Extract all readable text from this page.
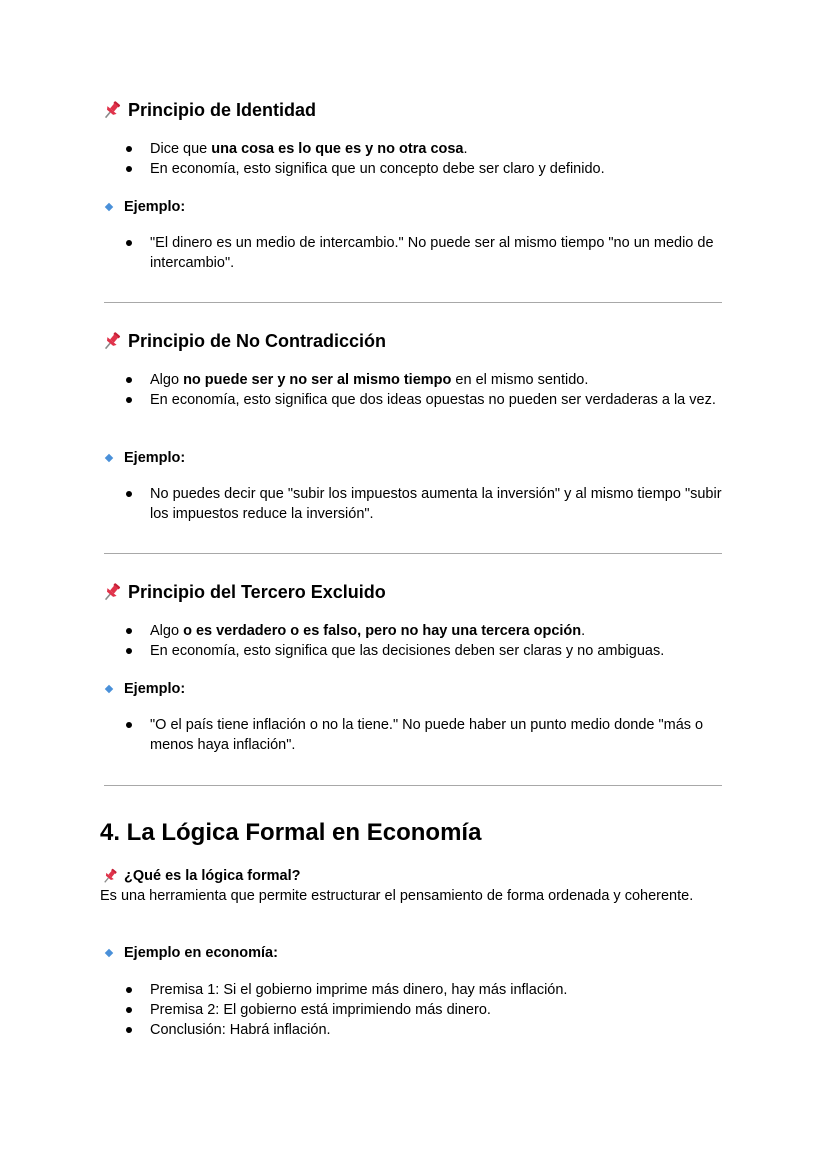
Principio de Identidad
Dice que una cosa es lo que es y no otra cosa.
En economía, esto significa que un concepto debe ser claro y definido.
Ejemplo:
"El dinero es un medio de intercambio." No puede ser al mismo tiempo "no un medio de intercambio".
Principio de No Contradicción
Algo no puede ser y no ser al mismo tiempo en el mismo sentido.
En economía, esto significa que dos ideas opuestas no pueden ser verdaderas a la vez.
Ejemplo:
No puedes decir que "subir los impuestos aumenta la inversión" y al mismo tiempo "subir los impuestos reduce la inversión".
Principio del Tercero Excluido
Algo o es verdadero o es falso, pero no hay una tercera opción.
En economía, esto significa que las decisiones deben ser claras y no ambiguas.
Ejemplo:
"O el país tiene inflación o no la tiene." No puede haber un punto medio donde "más o menos haya inflación".
4. La Lógica Formal en Economía
¿Qué es la lógica formal?
Es una herramienta que permite estructurar el pensamiento de forma ordenada y coherente.
Ejemplo en economía:
Premisa 1: Si el gobierno imprime más dinero, hay más inflación.
Premisa 2: El gobierno está imprimiendo más dinero.
Conclusión: Habrá inflación.
